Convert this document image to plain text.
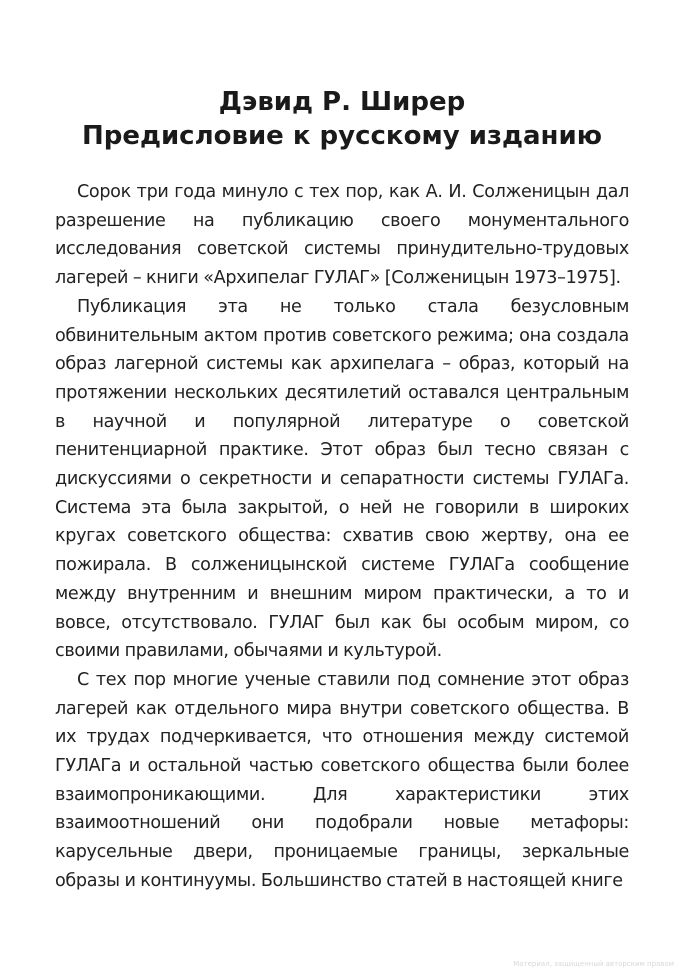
Дэвид Р. Ширер
Предисловие к русскому изданию

Сорок три года минуло с тех пор, как А. И. Солженицын дал разрешение на публикацию своего монументального исследования советской системы принудительно-трудовых лагерей – книги «Архипелаг ГУЛАГ» [Солженицын 1973–1975].

Публикация эта не только стала безусловным обвинительным актом против советского режима; она создала образ лагерной системы как архипелага – образ, который на протяжении нескольких десятилетий оставался центральным в научной и популярной литературе о советской пенитенциарной практике. Этот образ был тесно связан с дискуссиями о секретности и сепаратности системы ГУЛАГа. Система эта была закрытой, о ней не говорили в широких кругах советского общества: схватив свою жертву, она ее пожирала. В солженицынской системе ГУЛАГа сообщение между внутренним и внешним миром практически, а то и вовсе, отсутствовало. ГУЛАГ был как бы особым миром, со своими правилами, обычаями и культурой.

С тех пор многие ученые ставили под сомнение этот образ лагерей как отдельного мира внутри советского общества. В их трудах подчеркивается, что отношения между системой ГУЛАГа и остальной частью советского общества были более взаимопроникающими. Для характеристики этих взаимоотношений они подобрали новые метафоры: карусельные двери, проницаемые границы, зеркальные образы и континуумы. Большинство статей в настоящей книге

Материал, защищенный авторским правом
